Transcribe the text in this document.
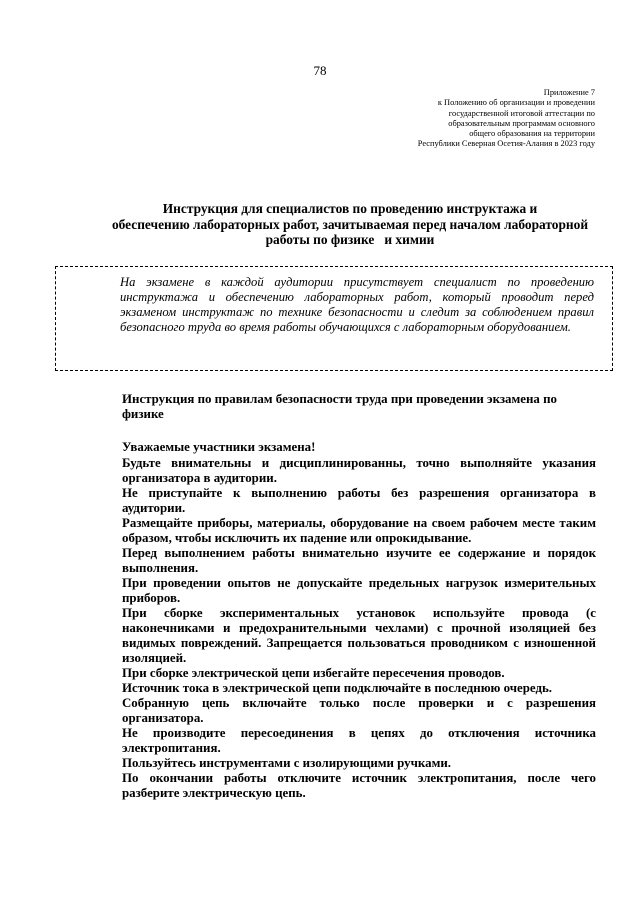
78
Приложение 7
к Положению об организации и проведении
государственной итоговой аттестации по
образовательным программам основного
общего образования на территории
Республики Северная Осетия-Алания в 2023 году
Инструкция для специалистов по проведению инструктажа и
обеспечению лабораторных работ, зачитываемая перед началом лабораторной
работы по физике   и химии
На экзамене в каждой аудитории присутствует специалист по проведению инструктажа и обеспечению лабораторных работ, который проводит перед экзаменом инструктаж по технике безопасности и следит за соблюдением правил безопасного труда во время работы обучающихся с лабораторным оборудованием.
Инструкция по правилам безопасности труда при проведении экзамена по физике
Уважаемые участники экзамена!
Будьте внимательны и дисциплинированны, точно выполняйте указания организатора в аудитории.
Не приступайте к выполнению работы без разрешения организатора в аудитории.
Размещайте приборы, материалы, оборудование на своем рабочем месте таким образом, чтобы исключить их падение или опрокидывание.
Перед выполнением работы внимательно изучите ее содержание и порядок выполнения.
При проведении опытов не допускайте предельных нагрузок измерительных приборов.
При сборке экспериментальных установок используйте провода (с наконечниками и предохранительными чехлами) с прочной изоляцией без видимых повреждений. Запрещается пользоваться проводником с изношенной изоляцией.
При сборке электрической цепи избегайте пересечения проводов.
Источник тока в электрической цепи подключайте в последнюю очередь.
Собранную цепь включайте только после проверки и с разрешения организатора.
Не производите пересоединения в цепях до отключения источника электропитания.
Пользуйтесь инструментами с изолирующими ручками.
По окончании работы отключите источник электропитания, после чего разберите электрическую цепь.
